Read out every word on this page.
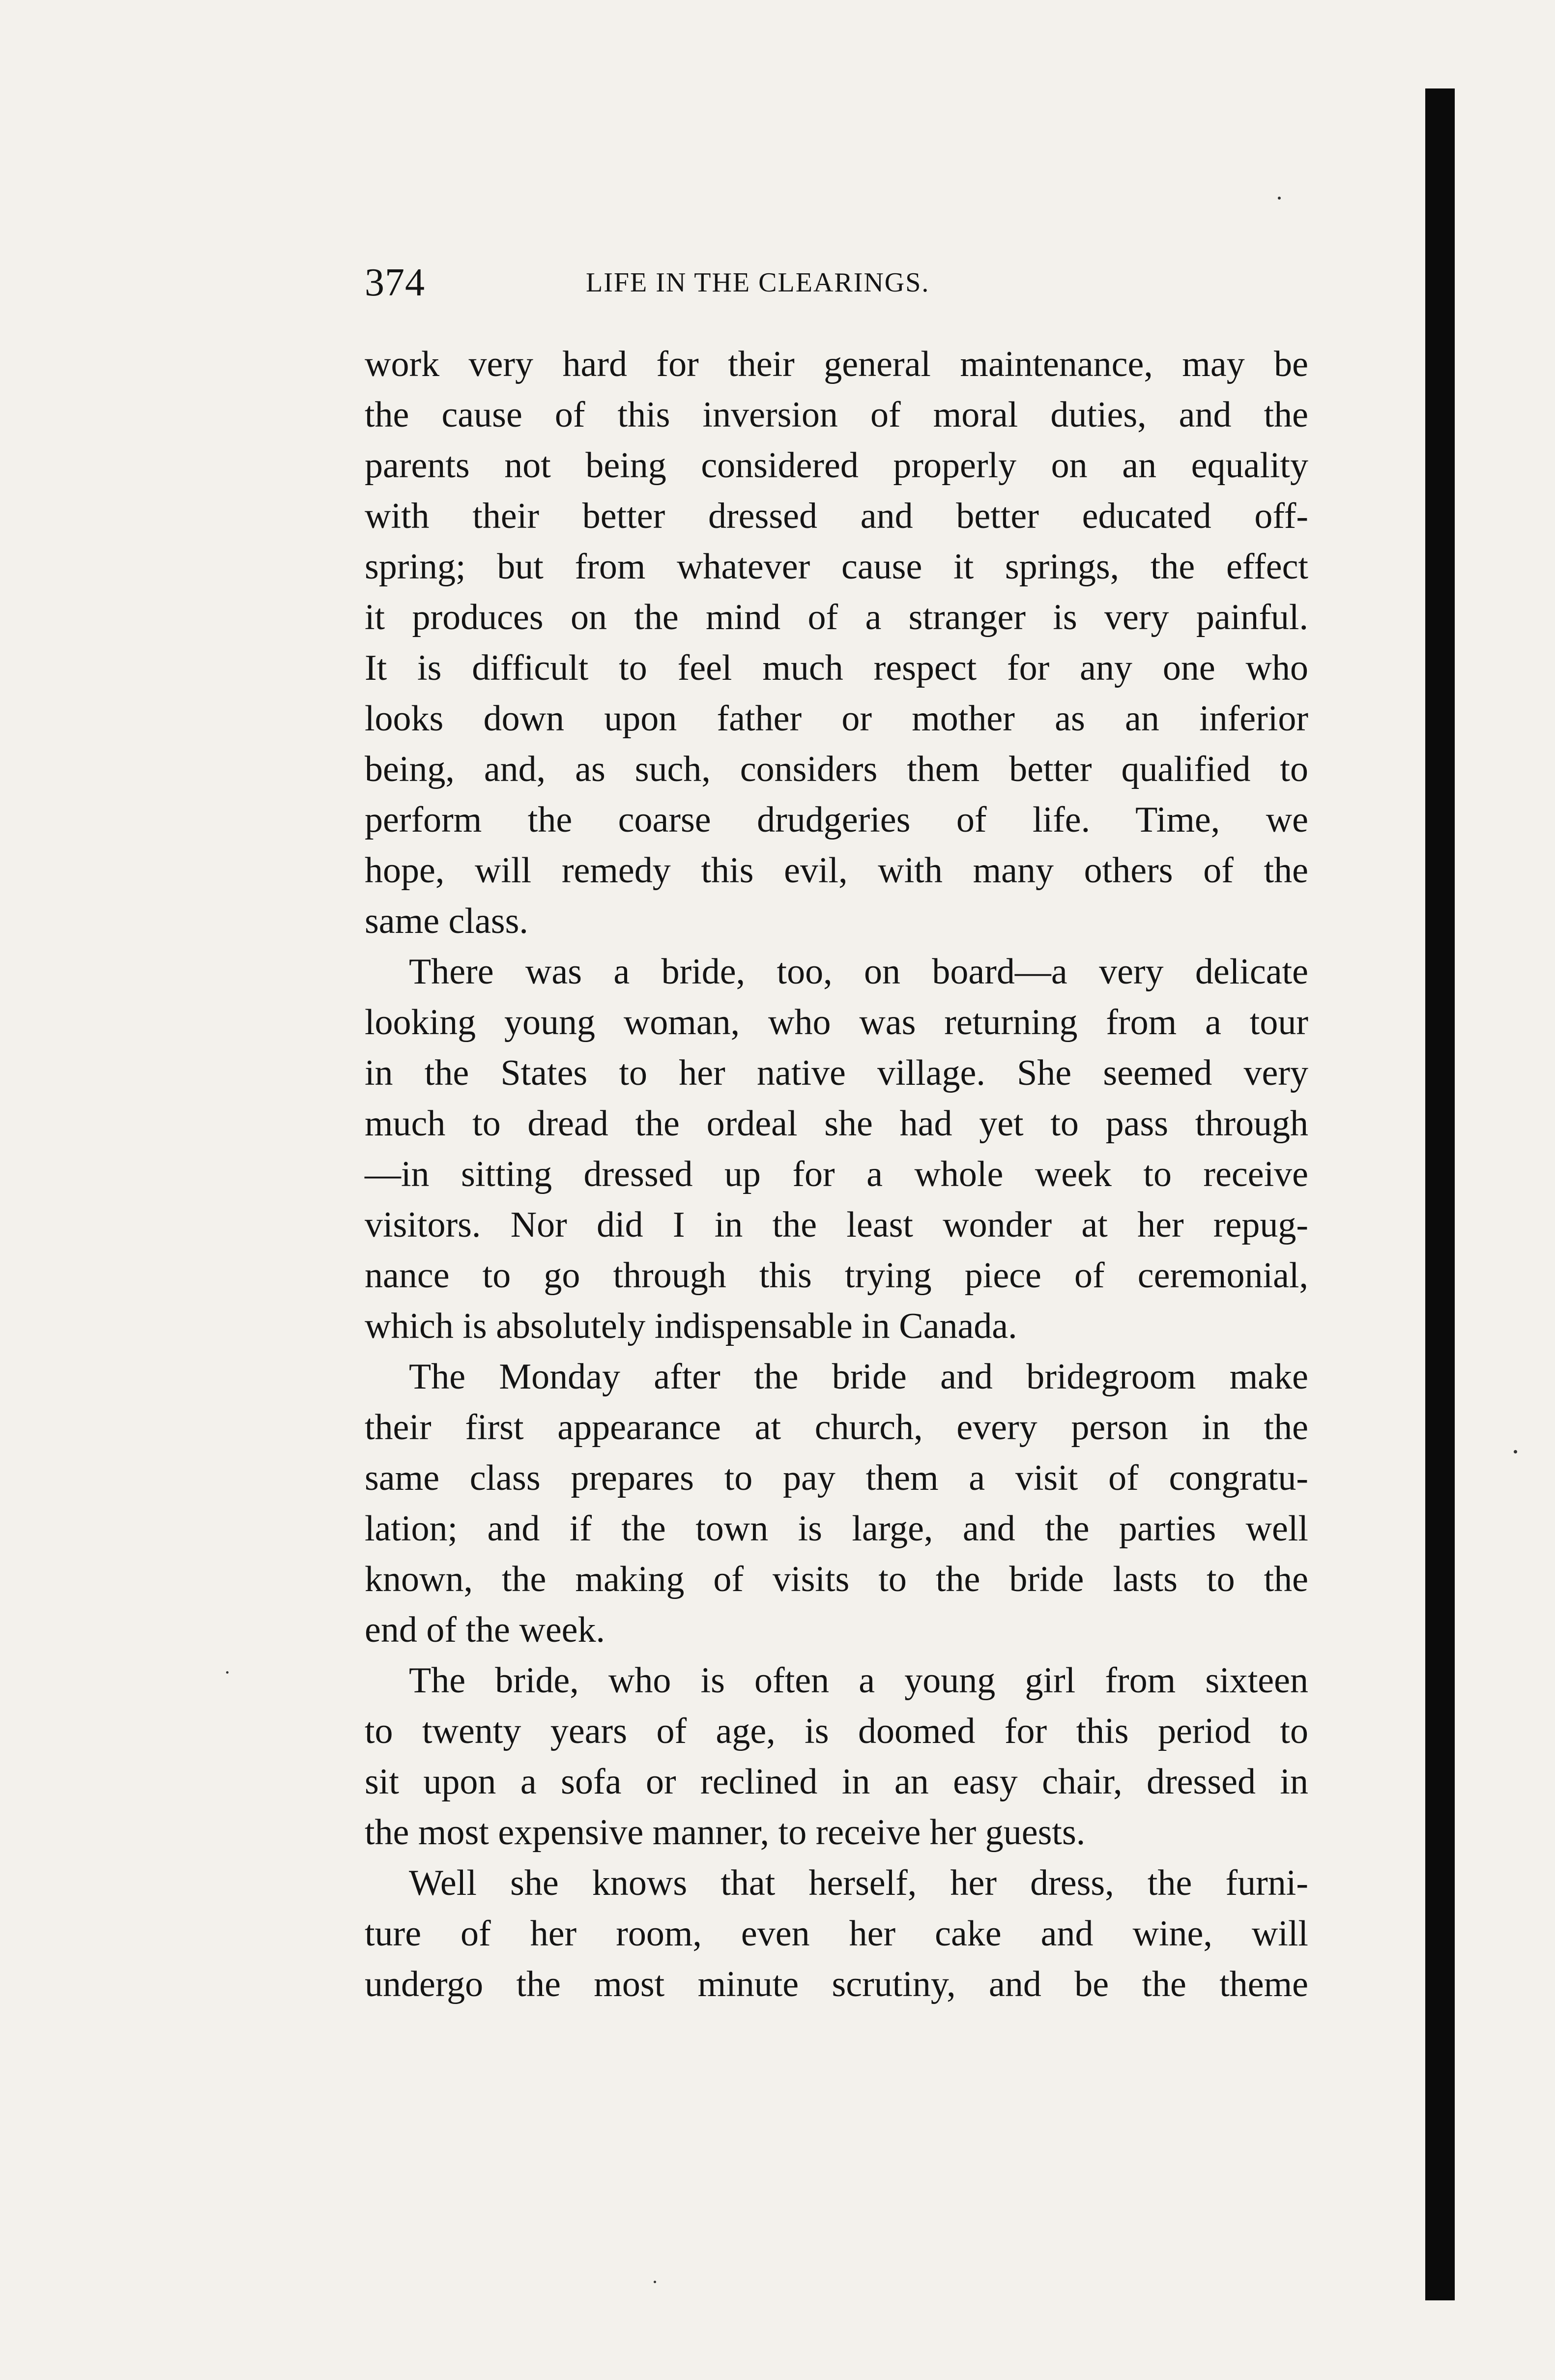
374	LIFE IN THE CLEARINGS.
work very hard for their general maintenance, may be
the cause of this inversion of moral duties, and the
parents not being considered properly on an equality
with their better dressed and better educated off-
spring; but from whatever cause it springs, the effect
it produces on the mind of a stranger is very painful.
It is difficult to feel much respect for any one who
looks down upon father or mother as an inferior
being, and, as such, considers them better qualified to
perform the coarse drudgeries of life. Time, we
hope, will remedy this evil, with many others of the
same class.
There was a bride, too, on board—a very delicate
looking young woman, who was returning from a tour
in the States to her native village. She seemed very
much to dread the ordeal she had yet to pass through
—in sitting dressed up for a whole week to receive
visitors. Nor did I in the least wonder at her repug-
nance to go through this trying piece of ceremonial,
which is absolutely indispensable in Canada.
The Monday after the bride and bridegroom make
their first appearance at church, every person in the
same class prepares to pay them a visit of congratu-
lation; and if the town is large, and the parties well
known, the making of visits to the bride lasts to the
end of the week.
The bride, who is often a young girl from sixteen
to twenty years of age, is doomed for this period to
sit upon a sofa or reclined in an easy chair, dressed in
the most expensive manner, to receive her guests.
Well she knows that herself, her dress, the furni-
ture of her room, even her cake and wine, will
undergo the most minute scrutiny, and be the theme
